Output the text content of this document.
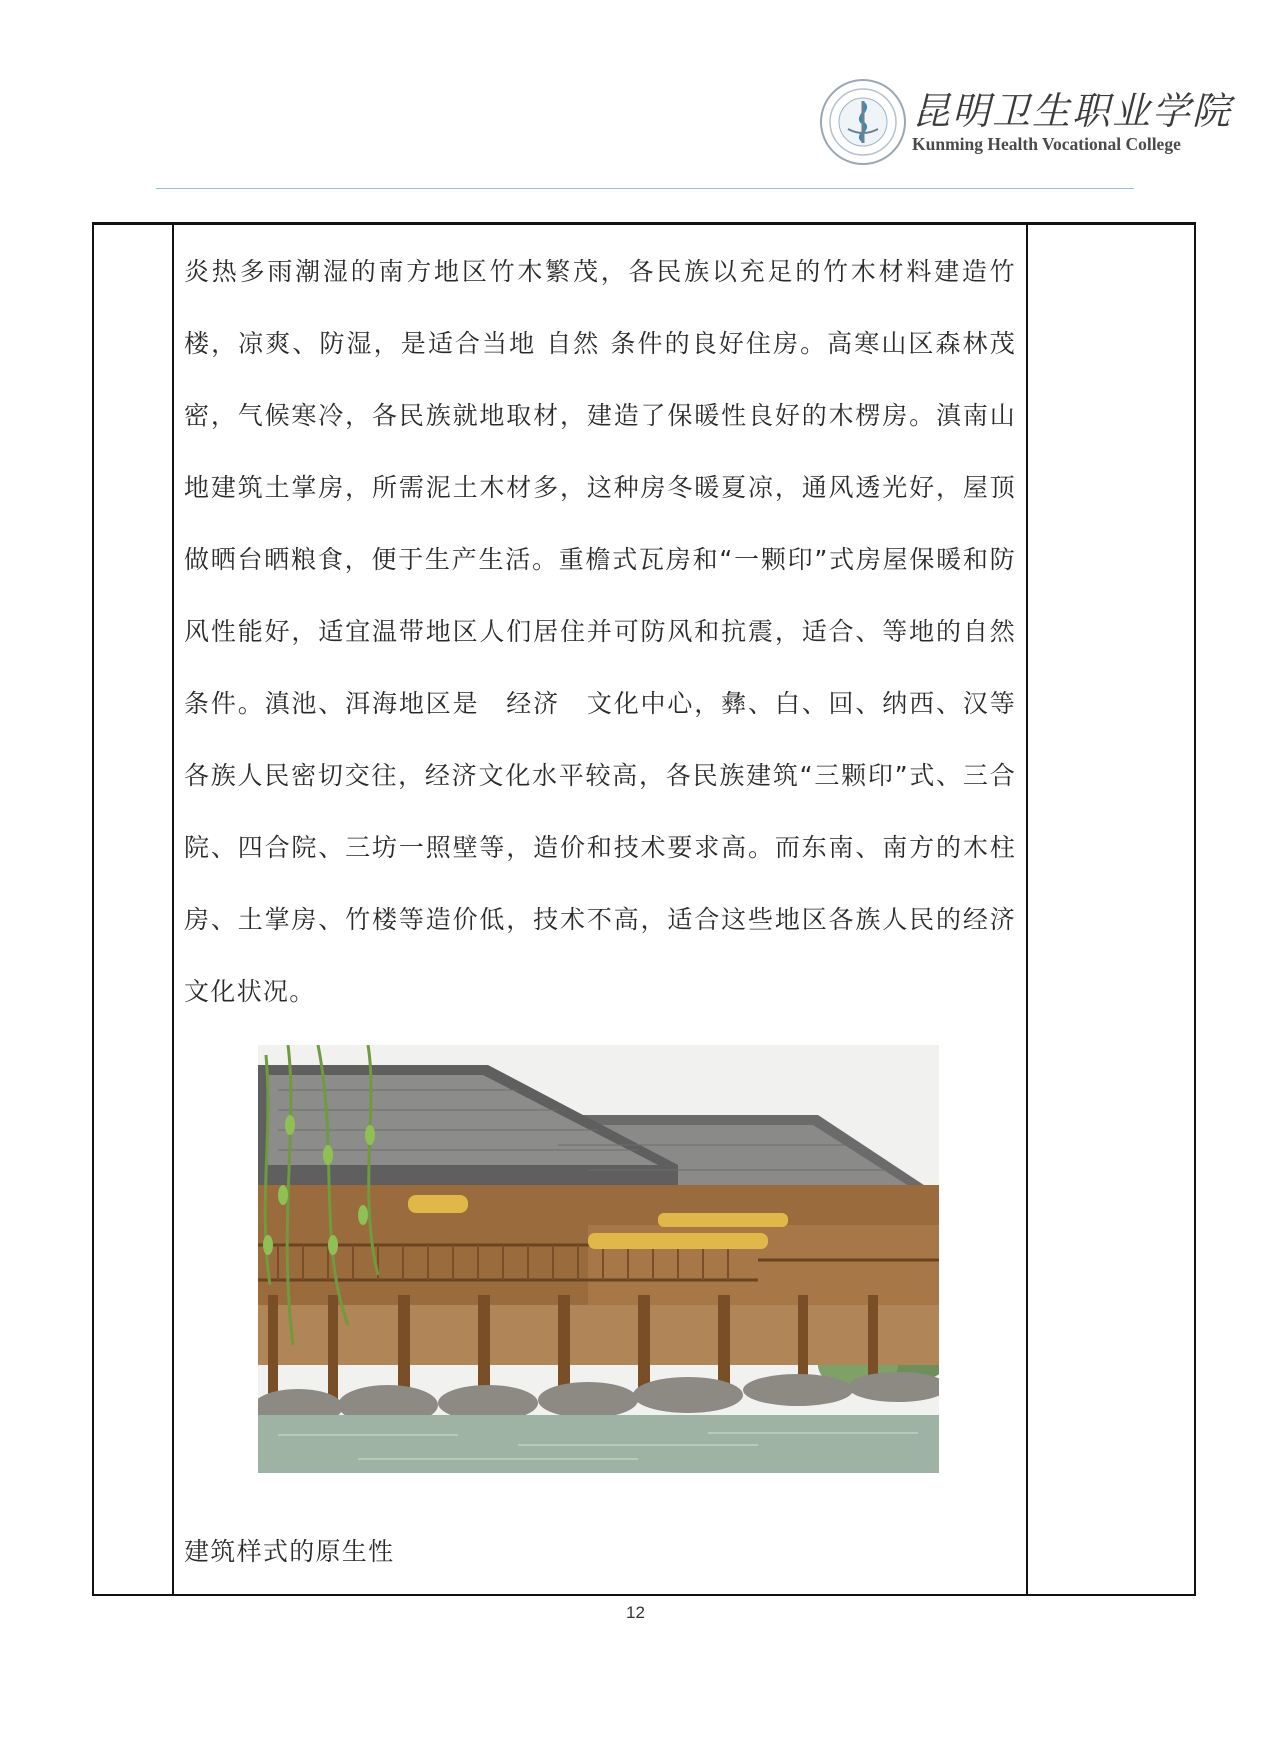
昆明卫生职业学院
Kunming Health Vocational College
炎热多雨潮湿的南方地区竹木繁茂，各民族以充足的竹木材料建造竹楼，凉爽、防湿，是适合当地 自然 条件的良好住房。高寒山区森林茂密，气候寒冷，各民族就地取材，建造了保暖性良好的木楞房。滇南山地建筑土掌房，所需泥土木材多，这种房冬暖夏凉，通风透光好，屋顶做晒台晒粮食，便于生产生活。重檐式瓦房和“一颗印”式房屋保暖和防风性能好，适宜温带地区人们居住并可防风和抗震，适合、等地的自然条件。滇池、洱海地区是　经济　文化中心，彝、白、回、纳西、汉等各族人民密切交往，经济文化水平较高，各民族建筑“三颗印”式、三合院、四合院、三坊一照壁等，造价和技术要求高。而东南、南方的木柱房、土掌房、竹楼等造价低，技术不高，适合这些地区各族人民的经济文化状况。
建筑样式的原生性
12
